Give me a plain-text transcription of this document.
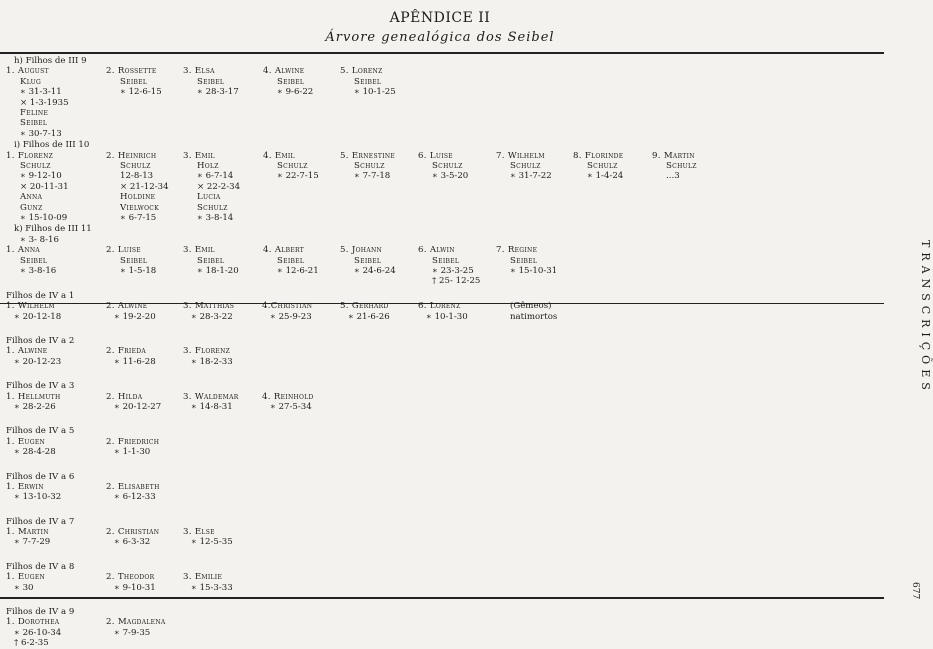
APÊNDICE II
Árvore genealógica dos Seibel
TRANSCRIÇÕES
677
h) Filhos de III 9
1. August
Klug
∗ 31-3-11
⨯ 1-3-1935
Feline
Seibel
∗ 30-7-13
2. Rossette
Seibel
∗ 12-6-15
3. Elsa
Seibel
∗ 28-3-17
4. Alwine
Seibel
∗ 9-6-22
5. Lorenz
Seibel
∗ 10-1-25
i) Filhos de III 10
1. Florenz
Schulz
∗ 9-12-10
⨯ 20-11-31
Anna
Gunz
∗ 15-10-09
2. Heinrich
Schulz
12-8-13
⨯ 21-12-34
Holdine
Vielwock
∗ 6-7-15
3. Emil
Holz
∗ 6-7-14
⨯ 22-2-34
Lucia
Schulz
∗ 3-8-14
4. Emil
Schulz
∗ 22-7-15
5. Ernestine
Schulz
∗ 7-7-18
6. Luise
Schulz
∗ 3-5-20
7. Wilhelm
Schulz
∗ 31-7-22
8. Florinde
Schulz
∗ 1-4-24
9. Martin
Schulz
...3
k) Filhos de III 11
∗ 3- 8-16
1. Anna
Seibel
∗ 3-8-16
2. Luise
Seibel
∗ 1-5-18
3. Emil
Seibel
∗ 18-1-20
4. Albert
Seibel
∗ 12-6-21
5. Johann
Seibel
∗ 24-6-24
6. Alwin
Seibel
∗ 23-3-25
† 25- 12-25
7. Regine
Seibel
∗ 15-10-31
Filhos de IV a 1
1. Wilhelm
∗ 20-12-18
2. Alwine
∗ 19-2-20
3. Matthias
∗ 28-3-22
4.Christian
∗ 25-9-23
5. Gerhard
∗ 21-6-26
6. Lorenz
∗ 10-1-30
(Gêmeos)
natimortos
Filhos de IV a 2
1. Alwine
∗ 20-12-23
2. Frieda
∗ 11-6-28
3. Florenz
∗ 18-2-33
Filhos de IV a 3
1. Hellmuth
∗ 28-2-26
2. Hilda
∗ 20-12-27
3. Waldemar
∗ 14-8-31
4. Reinhold
∗ 27-5-34
Filhos de IV a 5
1. Eugen
∗ 28-4-28
2. Friedrich
∗ 1-1-30
Filhos de IV a 6
1. Erwin
∗ 13-10-32
2. Elisabeth
∗ 6-12-33
Filhos de IV a 7
1. Martin
∗ 7-7-29
2. Christian
∗ 6-3-32
3. Else
∗ 12-5-35
Filhos de IV a 8
1. Eugen
∗ 30
2. Theodor
∗ 9-10-31
3. Emilie
∗ 15-3-33
Filhos de IV a 9
1. Dorothea
∗ 26-10-34
† 6-2-35
2. Magdalena
∗ 7-9-35
